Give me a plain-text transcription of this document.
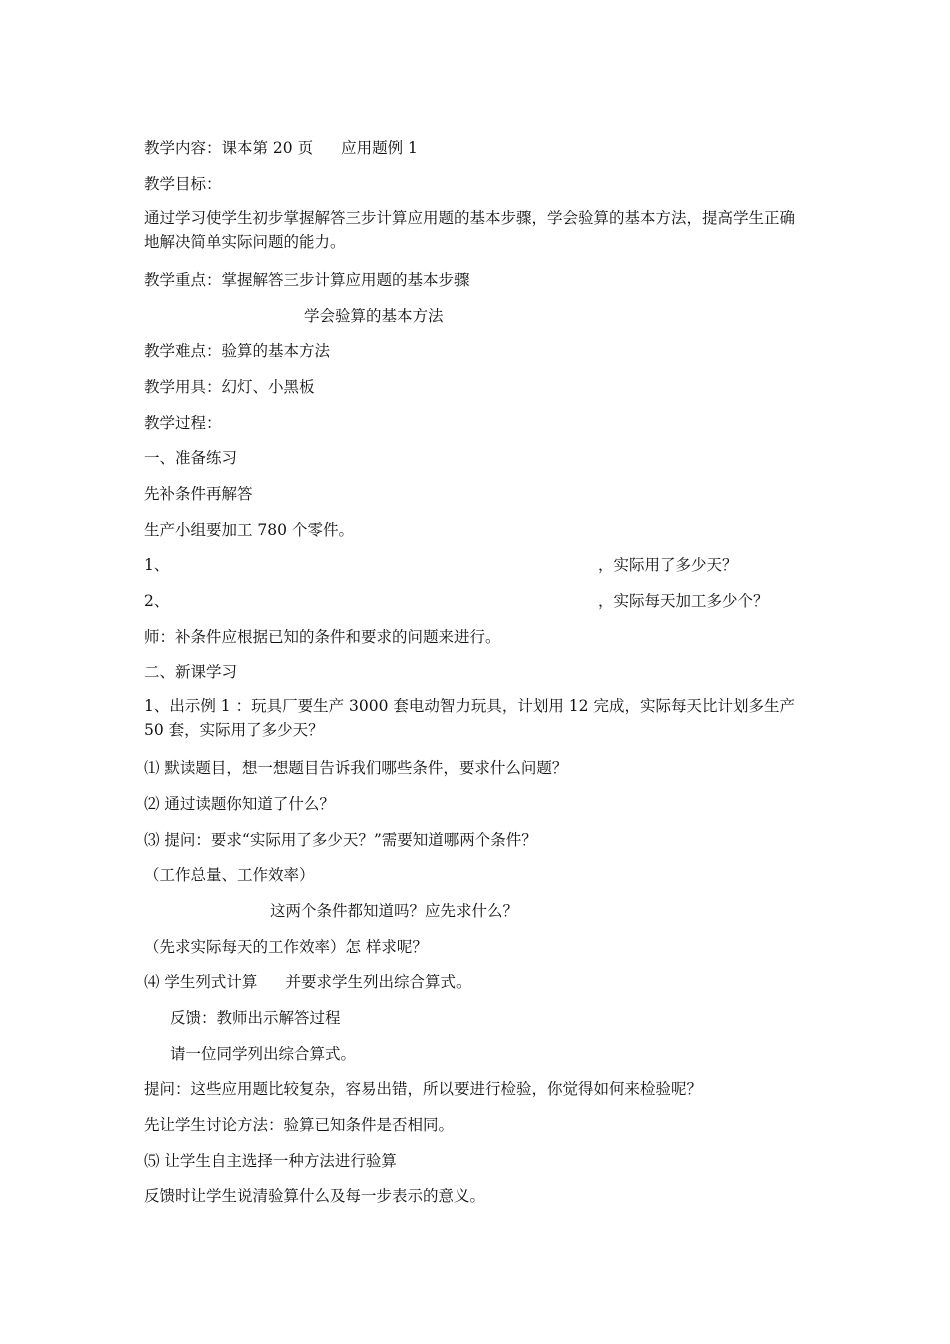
教学内容：课本第 20 页 应用题例 1
教学目标：
通过学习使学生初步掌握解答三步计算应用题的基本步骤，学会验算的基本方法，提高学生正确地解决简单实际问题的能力。
教学重点：掌握解答三步计算应用题的基本步骤
学会验算的基本方法
教学难点：验算的基本方法
教学用具：幻灯、小黑板
教学过程：
一、准备练习
先补条件再解答
生产小组要加工 780 个零件。
1、	，实际用了多少天？
2、	，实际每天加工多少个？
师：补条件应根据已知的条件和要求的问题来进行。
二、新课学习
1、出示例 1 ：玩具厂要生产 3000 套电动智力玩具，计划用 12 完成，实际每天比计划多生产 50 套，实际用了多少天？
⑴ 默读题目，想一想题目告诉我们哪些条件，要求什么问题？
⑵ 通过读题你知道了什么？
⑶ 提问：要求“实际用了多少天？”需要知道哪两个条件？
（工作总量、工作效率）
这两个条件都知道吗？应先求什么？
（先求实际每天的工作效率）怎 样求呢？
⑷ 学生列式计算 并要求学生列出综合算式。
反馈：教师出示解答过程
请一位同学列出综合算式。
提问：这些应用题比较复杂，容易出错，所以要进行检验，你觉得如何来检验呢？
先让学生讨论方法：验算已知条件是否相同。
⑸ 让学生自主选择一种方法进行验算
反馈时让学生说清验算什么及每一步表示的意义。
